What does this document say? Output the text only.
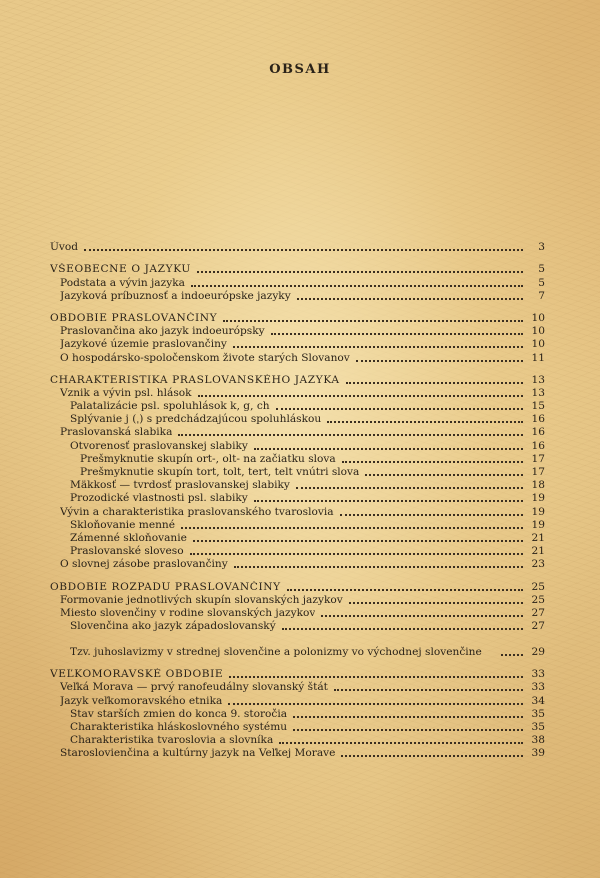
OBSAH
Úvod	3
VŠEOBECNE O JAZYKU	5
Podstata a vývin jazyka	5
Jazyková príbuznosť a indoeurópske jazyky	7
OBDOBIE PRASLOVANČINY	10
Praslovančina ako jazyk indoeurópsky	10
Jazykové územie praslovančiny	10
O hospodársko-spoločenskom živote starých Slovanov	11
CHARAKTERISTIKA PRASLOVANSKÉHO JAZYKA	13
Vznik a vývin psl. hlások	13
Palatalizácie psl. spoluhlások k, g, ch	15
Splývanie j (ˌ) s predchádzajúcou spoluhláskou	16
Praslovanská slabika	16
Otvorenosť praslovanskej slabiky	16
Prešmyknutie skupín ort-, olt- na začiatku slova	17
Prešmyknutie skupín tort, tolt, tert, telt vnútri slova	17
Mäkkosť — tvrdosť praslovanskej slabiky	18
Prozodické vlastnosti psl. slabiky	19
Vývin a charakteristika praslovanského tvaroslovia	19
Skloňovanie menné	19
Zámenné skloňovanie	21
Praslovanské sloveso	21
O slovnej zásobe praslovančiny	23
OBDOBIE ROZPADU PRASLOVANČINY	25
Formovanie jednotlivých skupín slovanských jazykov	25
Miesto slovenčiny v rodine slovanských jazykov	27
Slovenčina ako jazyk západoslovanský	27
Tzv. juhoslavizmy v strednej slovenčine a polonizmy vo východnej slovenčine	29
VEĽKOMORAVSKÉ OBDOBIE	33
Veľká Morava — prvý ranofeudálny slovanský štát	33
Jazyk veľkomoravského etnika	34
Stav starších zmien do konca 9. storočia	35
Charakteristika hláskoslovného systému	35
Charakteristika tvaroslovia a slovníka	38
Staroslovienčina a kultúrny jazyk na Veľkej Morave	39
